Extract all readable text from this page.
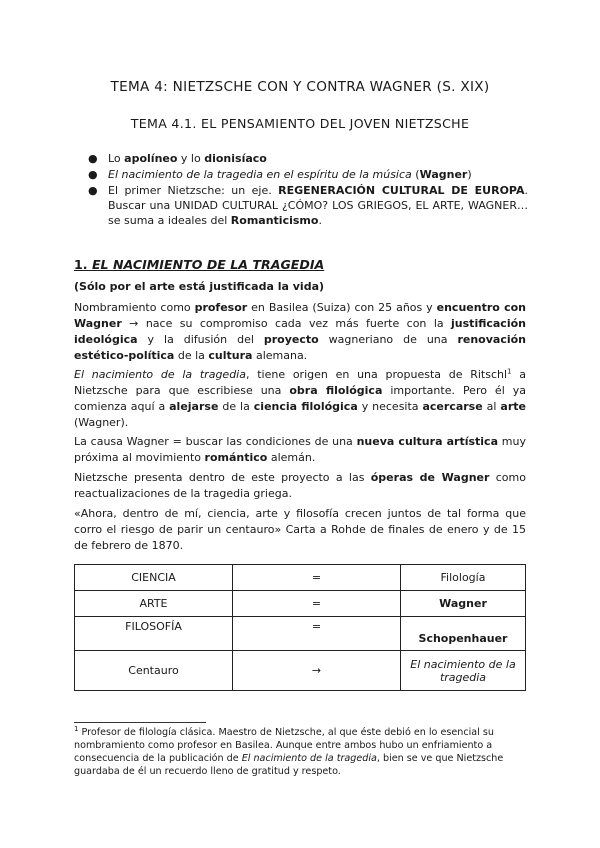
TEMA 4: NIETZSCHE CON Y CONTRA WAGNER (S. XIX)
TEMA 4.1. EL PENSAMIENTO DEL JOVEN NIETZSCHE
● Lo apolíneo y lo dionisíaco
● El nacimiento de la tragedia en el espíritu de la música (Wagner)
● El primer Nietzsche: un eje. REGENERACIÓN CULTURAL DE EUROPA. Buscar una UNIDAD CULTURAL ¿CÓMO? LOS GRIEGOS, EL ARTE, WAGNER… se suma a ideales del Romanticismo.
1. EL NACIMIENTO DE LA TRAGEDIA
(Sólo por el arte está justificada la vida)

Nombramiento como profesor en Basilea (Suiza) con 25 años y encuentro con Wagner → nace su compromiso cada vez más fuerte con la justificación ideológica y la difusión del proyecto wagneriano de una renovación estético-política de la cultura alemana.

El nacimiento de la tragedia, tiene origen en una propuesta de Ritschl$^1$ a Nietzsche para que escribiese una obra filológica importante. Pero él ya comienza aquí a alejarse de la ciencia filológica y necesita acercarse al arte (Wagner).

La causa Wagner = buscar las condiciones de una nueva cultura artística muy próxima al movimiento romántico alemán.

Nietzsche presenta dentro de este proyecto a las óperas de Wagner como reactualizaciones de la tragedia griega.

«Ahora, dentro de mí, ciencia, arte y filosofía crecen juntos de tal forma que corro el riesgo de parir un centauro» Carta a Rohde de finales de enero y de 15 de febrero de 1870.

CIENCIA	=	Filología
ARTE	=	Wagner
FILOSOFÍA	=	Schopenhauer
Centauro	→	El nacimiento de la tragedia

$^1$ Profesor de filología clásica. Maestro de Nietzsche, al que éste debió en lo esencial su nombramiento como profesor en Basilea. Aunque entre ambos hubo un enfriamiento a consecuencia de la publicación de El nacimiento de la tragedia, bien se ve que Nietzsche guardaba de él un recuerdo lleno de gratitud y respeto.
